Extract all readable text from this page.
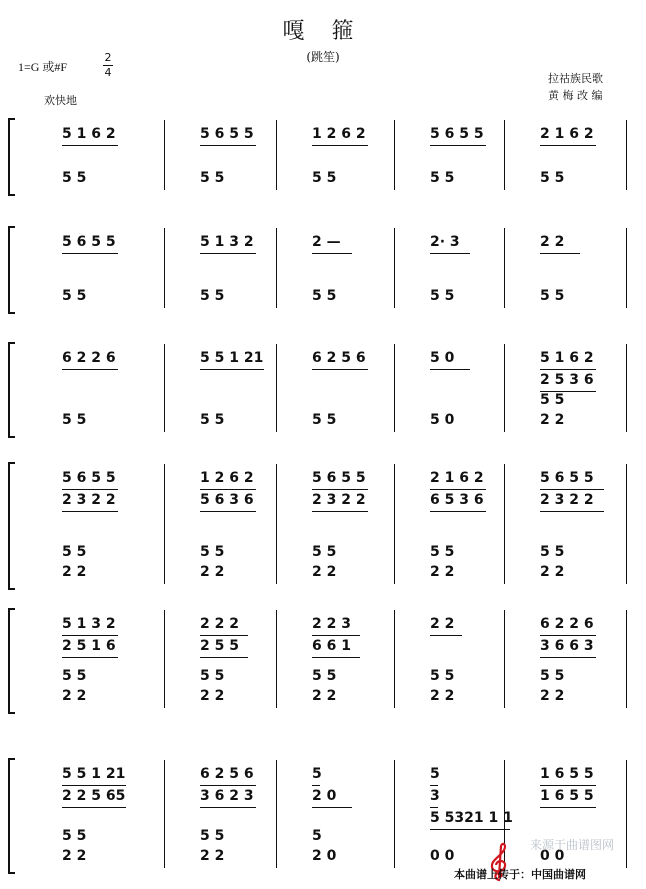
嘎 箍
(跳笙)
1=G 或#F
2
4
欢快地
拉祜族民歌
黄 梅 改 编
5 1 6 2
5 5
5 6 5 5
5 5
1 2 6 2
5 5
5 6 5 5
5 5
2 1 6 2
5 5
5 6 5 5
5 5
5 1 3 2
5 5
2 —
5 5
2· 3
5 5
2 2
5 5
6 2 2 6
5 5
5 5 1 21
5 5
6 2 5 6
5 5
5 0
5 0
5 1 6 2
2 5 3 6
5 5
2 2
5 6 5 5
2 3 2 2
5 5
2 2
1 2 6 2
5 6 3 6
5 5
2 2
5 6 5 5
2 3 2 2
5 5
2 2
2 1 6 2
6 5 3 6
5 5
2 2
5 6 5 5
2 3 2 2
5 5
2 2
5 1 3 2
2 5 1 6
5 5
2 2
2 2 2
2 5 5
5 5
2 2
2 2 3
6 6 1
5 5
2 2
2 2
5 5
2 2
6 2 2 6
3 6 6 3
5 5
2 2
5 5 1 21
2 2 5 65
5 5
2 2
6 2 5 6
3 6 2 3
5 5
2 2
5
2 0
5
2 0
5
3
5 5321 1 1
0 0
1 6 5 5
1 6 5 5
0 0
来源于曲谱图网
本曲谱上传于：中国曲谱网
